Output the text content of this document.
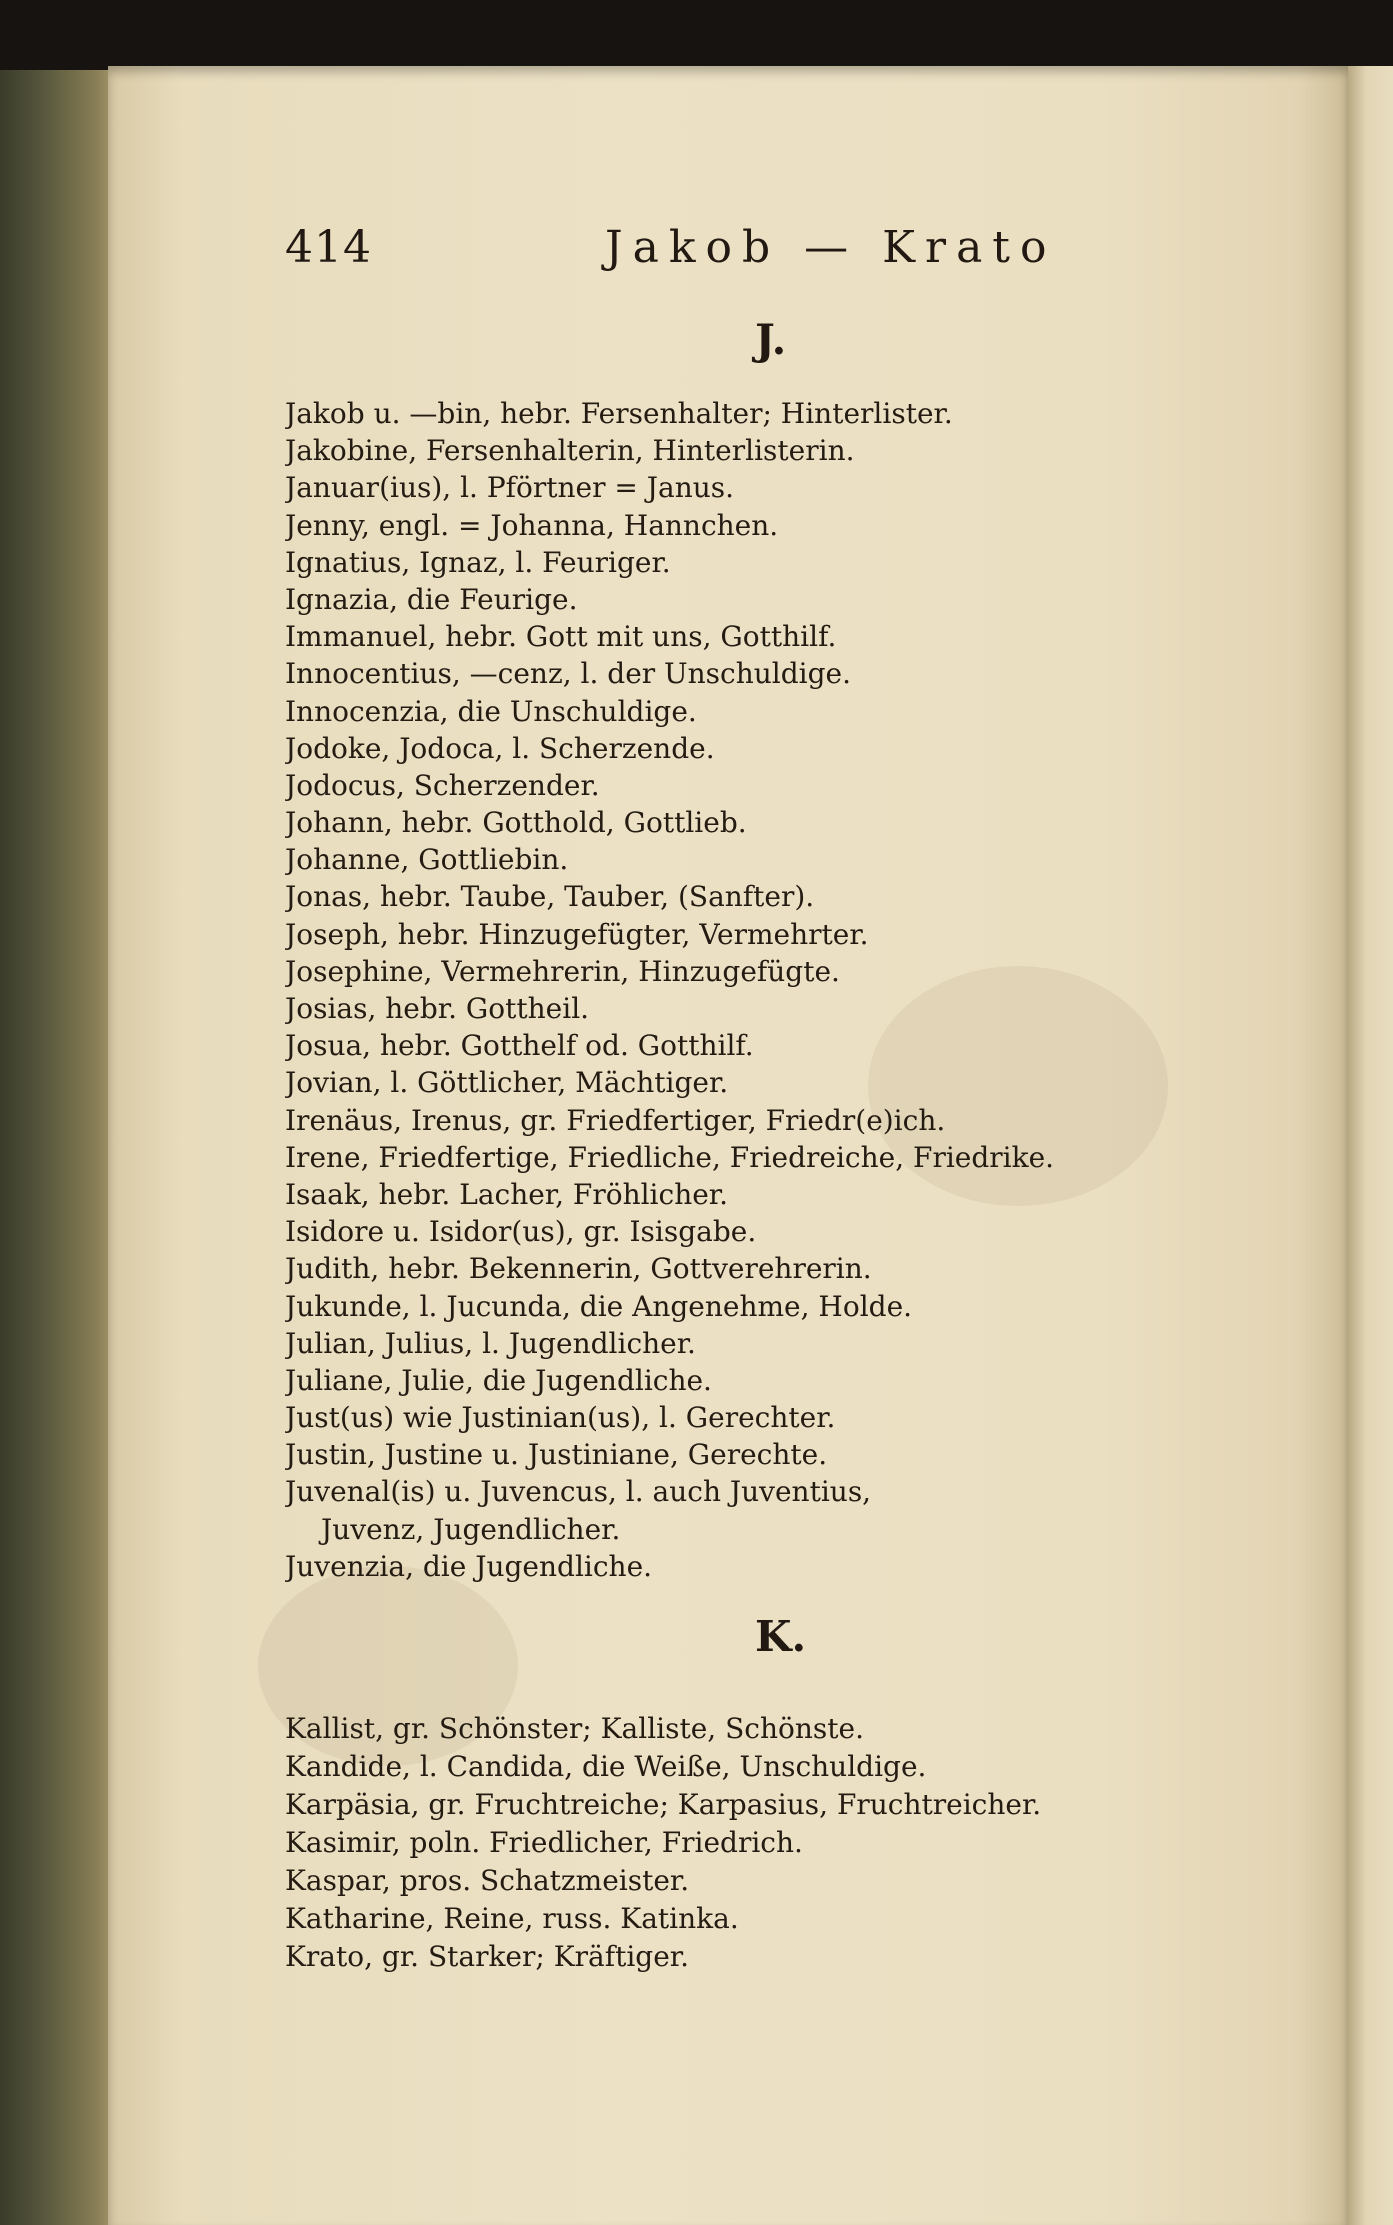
414	Jakob — Krato
J.
Jakob u. —bin, hebr. Fersenhalter; Hinterlister.
Jakobine, Fersenhalterin, Hinterlisterin.
Januar(ius), l. Pförtner = Janus.
Jenny, engl. = Johanna, Hannchen.
Ignatius, Ignaz, l. Feuriger.
Ignazia, die Feurige.
Immanuel, hebr. Gott mit uns, Gotthilf.
Innocentius, —cenz, l. der Unschuldige.
Innocenzia, die Unschuldige.
Jodoke, Jodoca, l. Scherzende.
Jodocus, Scherzender.
Johann, hebr. Gotthold, Gottlieb.
Johanne, Gottliebin.
Jonas, hebr. Taube, Tauber, (Sanfter).
Joseph, hebr. Hinzugefügter, Vermehrter.
Josephine, Vermehrerin, Hinzugefügte.
Josias, hebr. Gottheil.
Josua, hebr. Gotthelf od. Gotthilf.
Jovian, l. Göttlicher, Mächtiger.
Irenäus, Irenus, gr. Friedfertiger, Friedr(e)ich.
Irene, Friedfertige, Friedliche, Friedreiche, Friedrike.
Isaak, hebr. Lacher, Fröhlicher.
Isidore u. Isidor(us), gr. Isisgabe.
Judith, hebr. Bekennerin, Gottverehrerin.
Jukunde, l. Jucunda, die Angenehme, Holde.
Julian, Julius, l. Jugendlicher.
Juliane, Julie, die Jugendliche.
Just(us) wie Justinian(us), l. Gerechter.
Justin, Justine u. Justiniane, Gerechte.
Juvenal(is) u. Juvencus, l. auch Juventius,
Juvenz, Jugendlicher.
Juvenzia, die Jugendliche.
K.
Kallist, gr. Schönster; Kalliste, Schönste.
Kandide, l. Candida, die Weiße, Unschuldige.
Karpäsia, gr. Fruchtreiche; Karpasius, Fruchtreicher.
Kasimir, poln. Friedlicher, Friedrich.
Kaspar, pros. Schatzmeister.
Katharine, Reine, russ. Katinka.
Krato, gr. Starker; Kräftiger.
